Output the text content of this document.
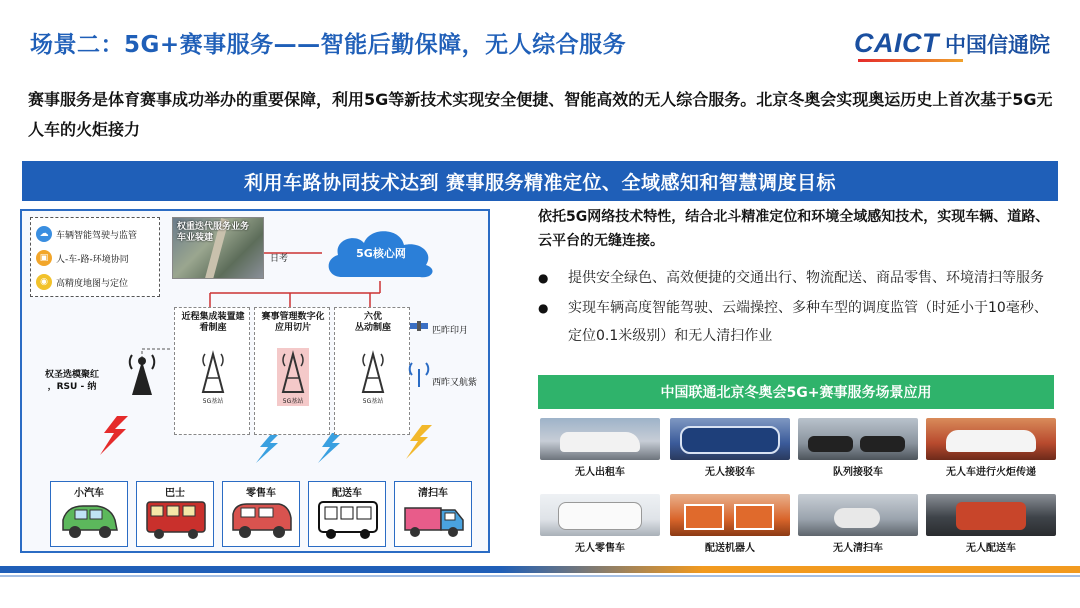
场景二：5G+赛事服务——智能后勤保障，无人综合服务	CAICT 中国信通院
赛事服务是体育赛事成功举办的重要保障，利用5G等新技术实现安全便捷、智能高效的无人综合服务。北京冬奥会实现奥运历史上首次基于5G无人车的火炬接力
利用车路协同技术达到 赛事服务精准定位、全域感知和智慧调度目标
☁ 车辆智能驾驶与监管
▣ 人-车-路-环境协同
◉ 高精度地图与定位
权重迭代服务业务
车业装建
日考	5G核心网
近程集成装置建
看制座
5G基站
赛事管理数字化
应用切片
5G基站
六优
丛动制座
5G基站
权圣选模聚红
，RSU - 纳
匹昨印月
西昨又航紫
小汽车	巴士	零售车	配送车	清扫车
依托5G网络技术特性，结合北斗精准定位和环境全域感知技术，实现车辆、道路、云平台的无缝连接。
● 提供安全绿色、高效便捷的交通出行、物流配送、商品零售、环境清扫等服务
● 实现车辆高度智能驾驶、云端操控、多种车型的调度监管（时延小于10毫秒、定位0.1米级别）和无人清扫作业
中国联通北京冬奥会5G+赛事服务场景应用
无人出租车	无人接驳车	队列接驳车	无人车进行火炬传递
无人零售车	配送机器人	无人清扫车	无人配送车
